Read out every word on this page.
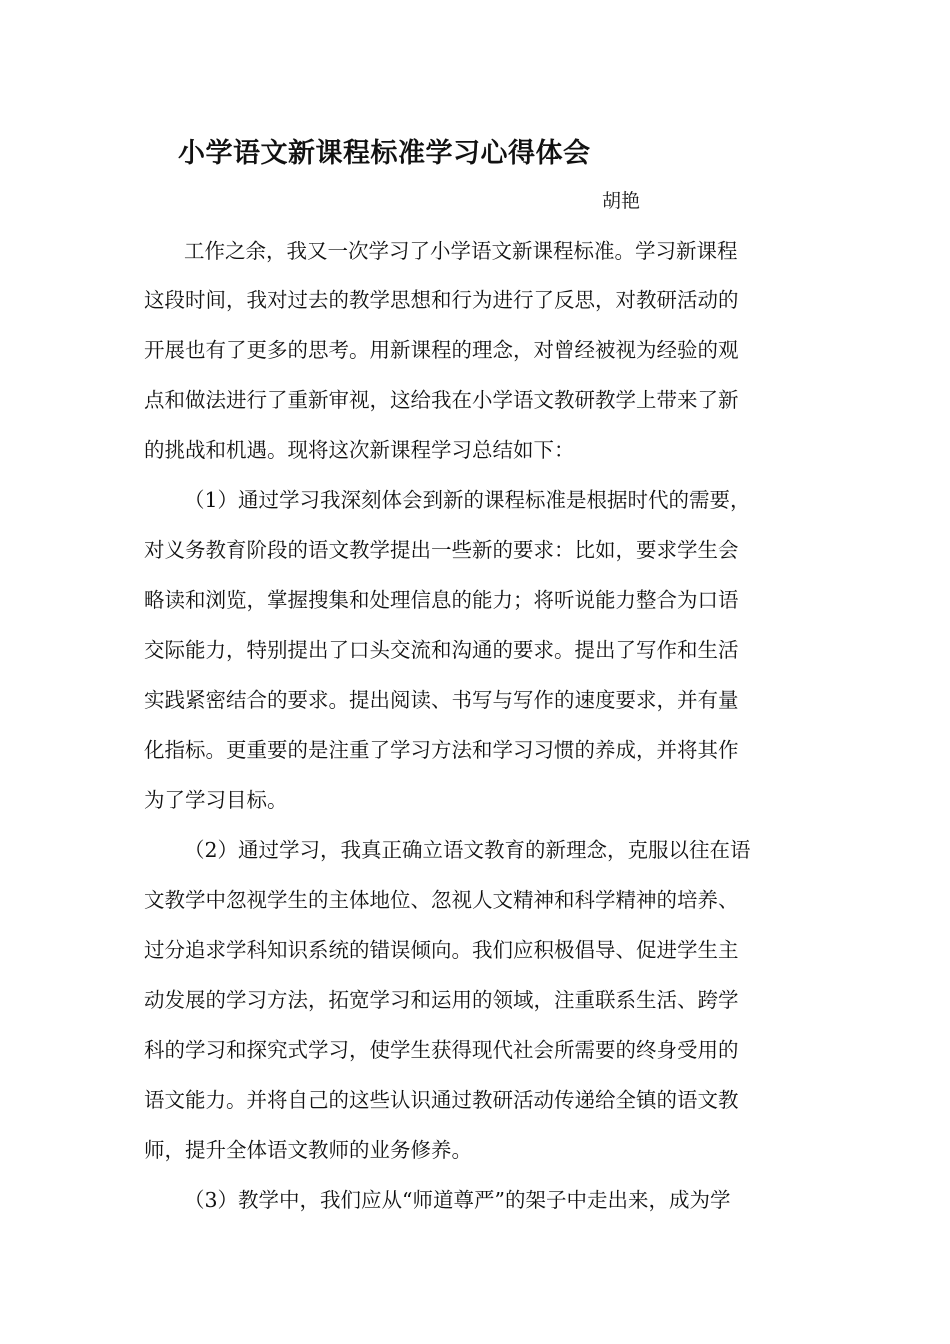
小学语文新课程标准学习心得体会
胡艳
工作之余，我又一次学习了小学语文新课程标准。学习新课程
这段时间，我对过去的教学思想和行为进行了反思，对教研活动的
开展也有了更多的思考。用新课程的理念，对曾经被视为经验的观
点和做法进行了重新审视，这给我在小学语文教研教学上带来了新
的挑战和机遇。现将这次新课程学习总结如下：
（1）通过学习我深刻体会到新的课程标准是根据时代的需要，
对义务教育阶段的语文教学提出一些新的要求：比如，要求学生会
略读和浏览，掌握搜集和处理信息的能力；将听说能力整合为口语
交际能力，特别提出了口头交流和沟通的要求。提出了写作和生活
实践紧密结合的要求。提出阅读、书写与写作的速度要求，并有量
化指标。更重要的是注重了学习方法和学习习惯的养成，并将其作
为了学习目标。
（2）通过学习，我真正确立语文教育的新理念，克服以往在语
文教学中忽视学生的主体地位、忽视人文精神和科学精神的培养、
过分追求学科知识系统的错误倾向。我们应积极倡导、促进学生主
动发展的学习方法，拓宽学习和运用的领域，注重联系生活、跨学
科的学习和探究式学习，使学生获得现代社会所需要的终身受用的
语文能力。并将自己的这些认识通过教研活动传递给全镇的语文教
师，提升全体语文教师的业务修养。
（3）教学中，我们应从“师道尊严”的架子中走出来，成为学
